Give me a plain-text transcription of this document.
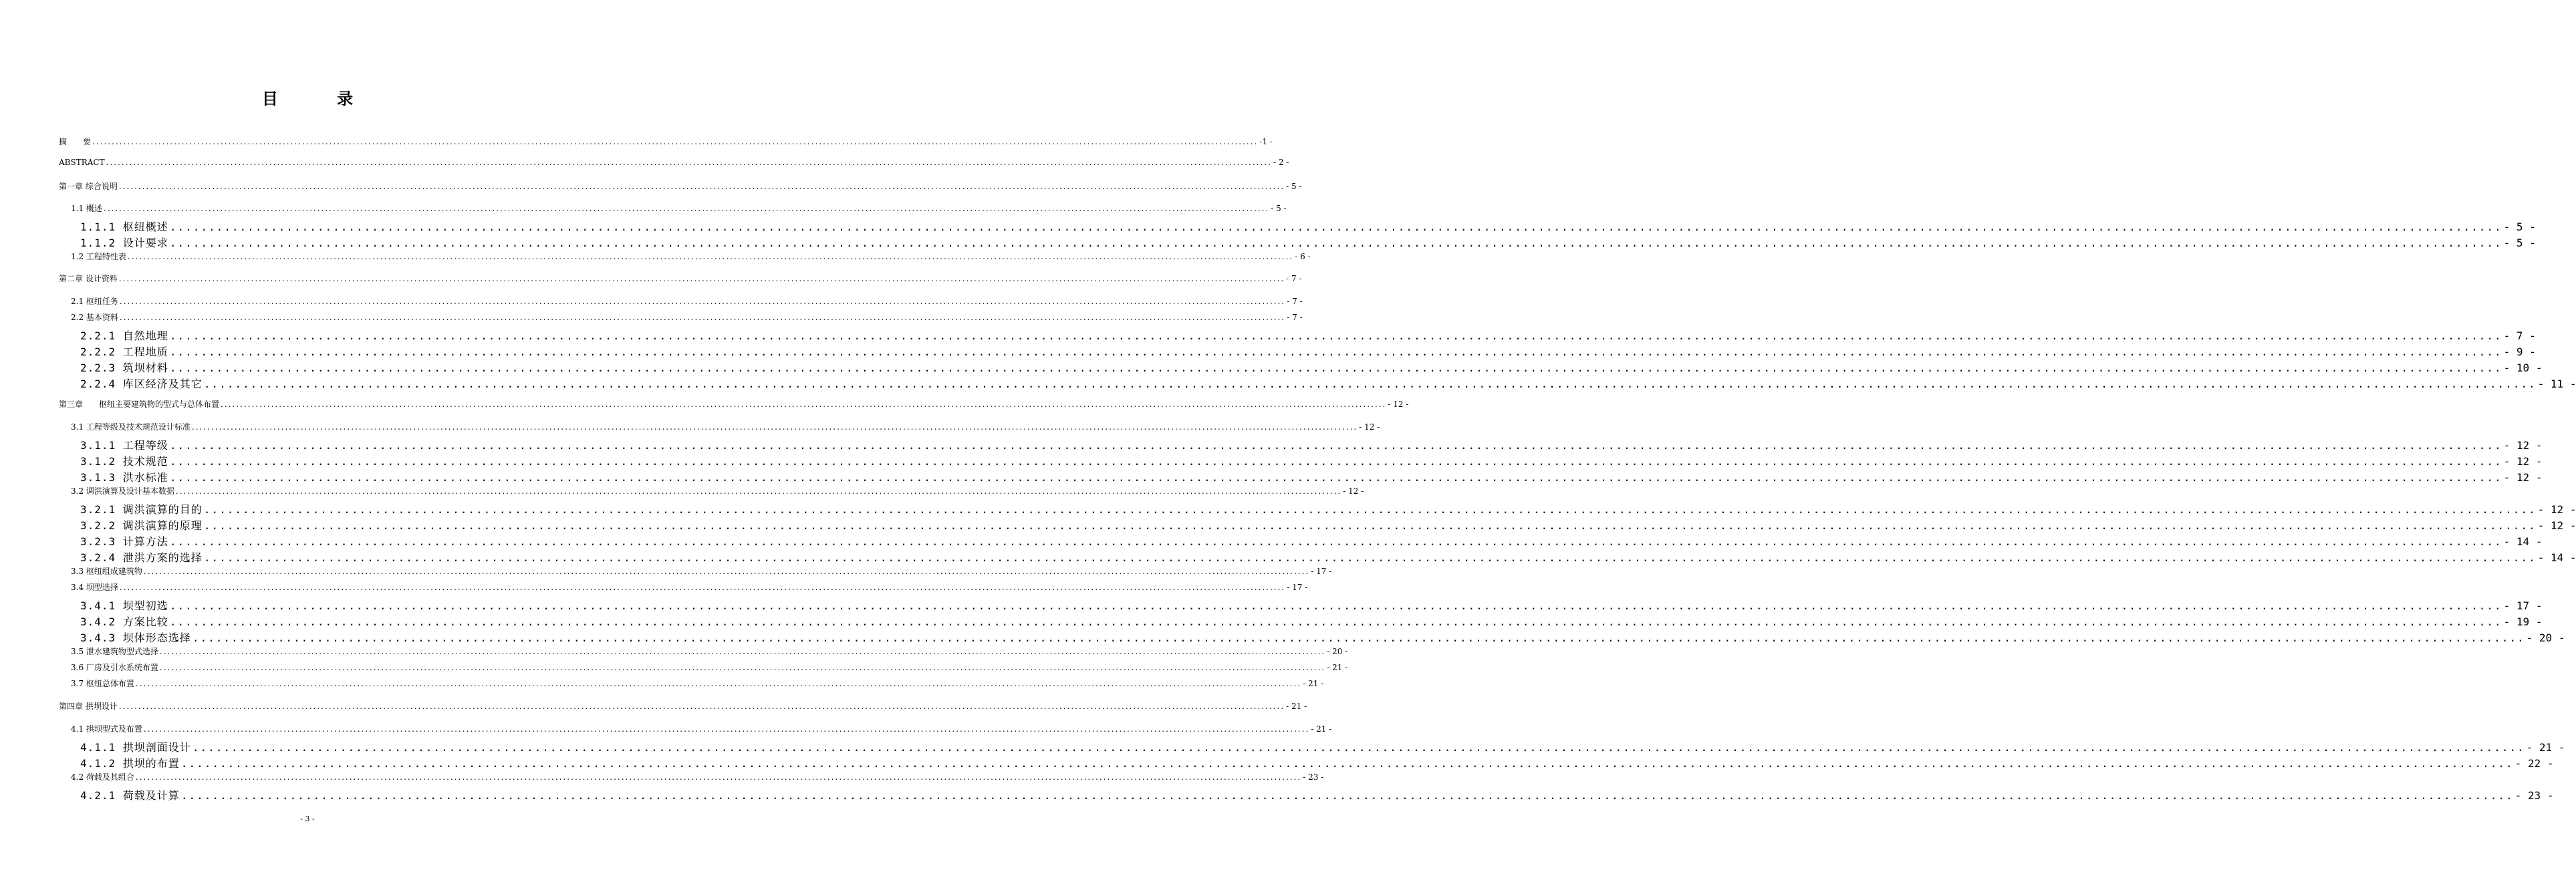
目 录
摘　　要 ............................................................................................................................................................................................................................................................................................................ -1 -
ABSTRACT ............................................................................................................................................................................................................................................................................................................ - 2 -
第一章 综合说明 ............................................................................................................................................................................................................................................................................................................ - 5 -
1.1 概述 ............................................................................................................................................................................................................................................................................................................ - 5 -
1.1.1 枢纽概述 ............................................................................................................................................................................................................................................................................................................ - 5 -
1.1.2 设计要求 ............................................................................................................................................................................................................................................................................................................ - 5 -
1.2 工程特性表 ............................................................................................................................................................................................................................................................................................................ - 6 -
第二章 设计资料 ............................................................................................................................................................................................................................................................................................................ - 7 -
2.1 枢纽任务 ............................................................................................................................................................................................................................................................................................................ - 7 -
2.2 基本资料 ............................................................................................................................................................................................................................................................................................................ - 7 -
2.2.1 自然地理 ............................................................................................................................................................................................................................................................................................................ - 7 -
2.2.2 工程地质 ............................................................................................................................................................................................................................................................................................................ - 9 -
2.2.3 筑坝材料 ............................................................................................................................................................................................................................................................................................................ - 10 -
2.2.4 库区经济及其它 ............................................................................................................................................................................................................................................................................................................ - 11 -
第三章　　枢纽主要建筑物的型式与总体布置 ............................................................................................................................................................................................................................................................................................................ - 12 -
3.1 工程等级及技术规范设计标准 ............................................................................................................................................................................................................................................................................................................ - 12 -
3.1.1 工程等级 ............................................................................................................................................................................................................................................................................................................ - 12 -
3.1.2 技术规范 ............................................................................................................................................................................................................................................................................................................ - 12 -
3.1.3 洪水标准 ............................................................................................................................................................................................................................................................................................................ - 12 -
3.2 调洪演算及设计基本数据 ............................................................................................................................................................................................................................................................................................................ - 12 -
3.2.1 调洪演算的目的 ............................................................................................................................................................................................................................................................................................................ - 12 -
3.2.2 调洪演算的原理 ............................................................................................................................................................................................................................................................................................................ - 12 -
3.2.3 计算方法 ............................................................................................................................................................................................................................................................................................................ - 14 -
3.2.4 泄洪方案的选择 ............................................................................................................................................................................................................................................................................................................ - 14 -
3.3 枢纽组成建筑物 ............................................................................................................................................................................................................................................................................................................ - 17 -
3.4 坝型选择 ............................................................................................................................................................................................................................................................................................................ - 17 -
3.4.1 坝型初选 ............................................................................................................................................................................................................................................................................................................ - 17 -
3.4.2 方案比较 ............................................................................................................................................................................................................................................................................................................ - 19 -
3.4.3 坝体形态选择 ............................................................................................................................................................................................................................................................................................................ - 20 -
3.5 泄水建筑物型式选择 ............................................................................................................................................................................................................................................................................................................ - 20 -
3.6 厂房及引水系统布置 ............................................................................................................................................................................................................................................................................................................ - 21 -
3.7 枢纽总体布置 ............................................................................................................................................................................................................................................................................................................ - 21 -
第四章 拱坝设计 ............................................................................................................................................................................................................................................................................................................ - 21 -
4.1 拱坝型式及布置 ............................................................................................................................................................................................................................................................................................................ - 21 -
4.1.1 拱坝剖面设计 ............................................................................................................................................................................................................................................................................................................ - 21 -
4.1.2 拱坝的布置 ............................................................................................................................................................................................................................................................................................................ - 22 -
4.2 荷载及其组合 ............................................................................................................................................................................................................................................................................................................ - 23 -
4.2.1 荷载及计算 ............................................................................................................................................................................................................................................................................................................ - 23 -
- 3 -
